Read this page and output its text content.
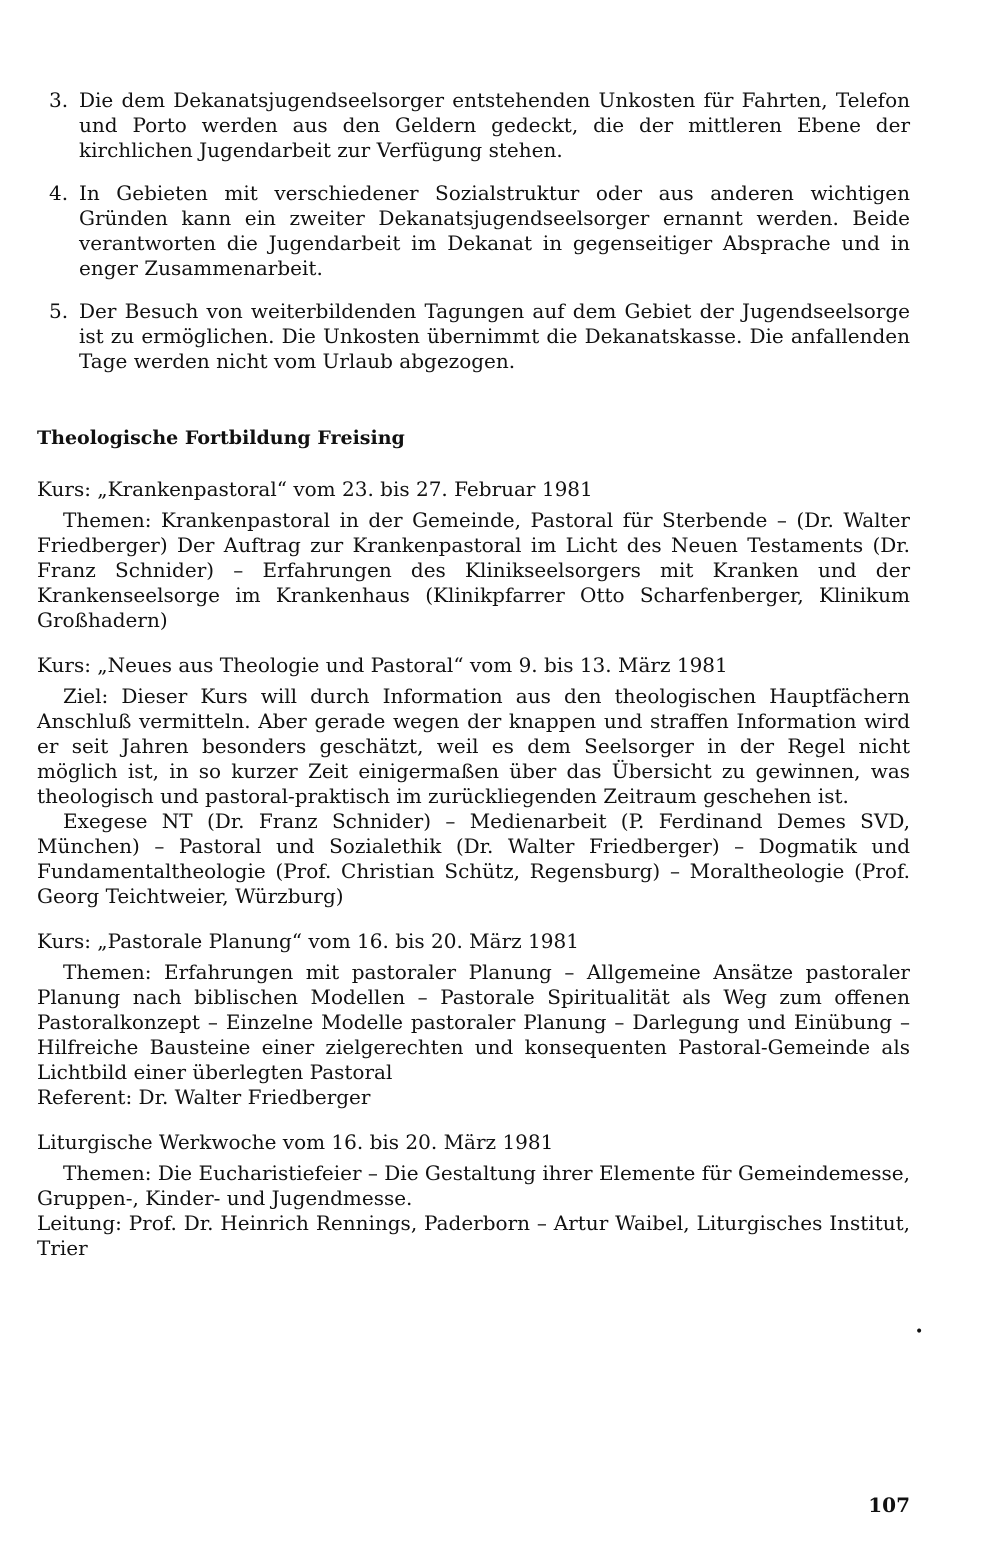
3. Die dem Dekanatsjugendseelsorger entstehenden Unkosten für Fahrten, Telefon und Porto werden aus den Geldern gedeckt, die der mittleren Ebene der kirchlichen Jugendarbeit zur Verfügung stehen.
4. In Gebieten mit verschiedener Sozialstruktur oder aus anderen wichtigen Gründen kann ein zweiter Dekanatsjugendseelsorger ernannt werden. Beide verantworten die Jugendarbeit im Dekanat in gegenseitiger Absprache und in enger Zusammenarbeit.
5. Der Besuch von weiterbildenden Tagungen auf dem Gebiet der Jugendseelsorge ist zu ermöglichen. Die Unkosten übernimmt die Dekanatskasse. Die anfallenden Tage werden nicht vom Urlaub abgezogen.
Theologische Fortbildung Freising
Kurs: „Krankenpastoral“ vom 23. bis 27. Februar 1981

Themen: Krankenpastoral in der Gemeinde, Pastoral für Sterbende – (Dr. Walter Friedberger) Der Auftrag zur Krankenpastoral im Licht des Neuen Testaments (Dr. Franz Schnider) – Erfahrungen des Klinikseelsorgers mit Kranken und der Krankenseelsorge im Krankenhaus (Klinikpfarrer Otto Scharfenberger, Klinikum Großhadern)

Kurs: „Neues aus Theologie und Pastoral“ vom 9. bis 13. März 1981

Ziel: Dieser Kurs will durch Information aus den theologischen Hauptfächern Anschluß vermitteln. Aber gerade wegen der knappen und straffen Information wird er seit Jahren besonders geschätzt, weil es dem Seelsorger in der Regel nicht möglich ist, in so kurzer Zeit einigermaßen über das Übersicht zu gewinnen, was theologisch und pastoral-praktisch im zurückliegenden Zeitraum geschehen ist.

Exegese NT (Dr. Franz Schnider) – Medienarbeit (P. Ferdinand Demes SVD, München) – Pastoral und Sozialethik (Dr. Walter Friedberger) – Dogmatik und Fundamentaltheologie (Prof. Christian Schütz, Regensburg) – Moraltheologie (Prof. Georg Teichtweier, Würzburg)

Kurs: „Pastorale Planung“ vom 16. bis 20. März 1981

Themen: Erfahrungen mit pastoraler Planung – Allgemeine Ansätze pastoraler Planung nach biblischen Modellen – Pastorale Spiritualität als Weg zum offenen Pastoralkonzept – Einzelne Modelle pastoraler Planung – Darlegung und Einübung – Hilfreiche Bausteine einer zielgerechten und konsequenten Pastoral-Gemeinde als Lichtbild einer überlegten Pastoral

Referent: Dr. Walter Friedberger

Liturgische Werkwoche vom 16. bis 20. März 1981

Themen: Die Eucharistiefeier – Die Gestaltung ihrer Elemente für Gemeindemesse, Gruppen-, Kinder- und Jugendmesse.

Leitung: Prof. Dr. Heinrich Rennings, Paderborn – Artur Waibel, Liturgisches Institut, Trier

•
107
